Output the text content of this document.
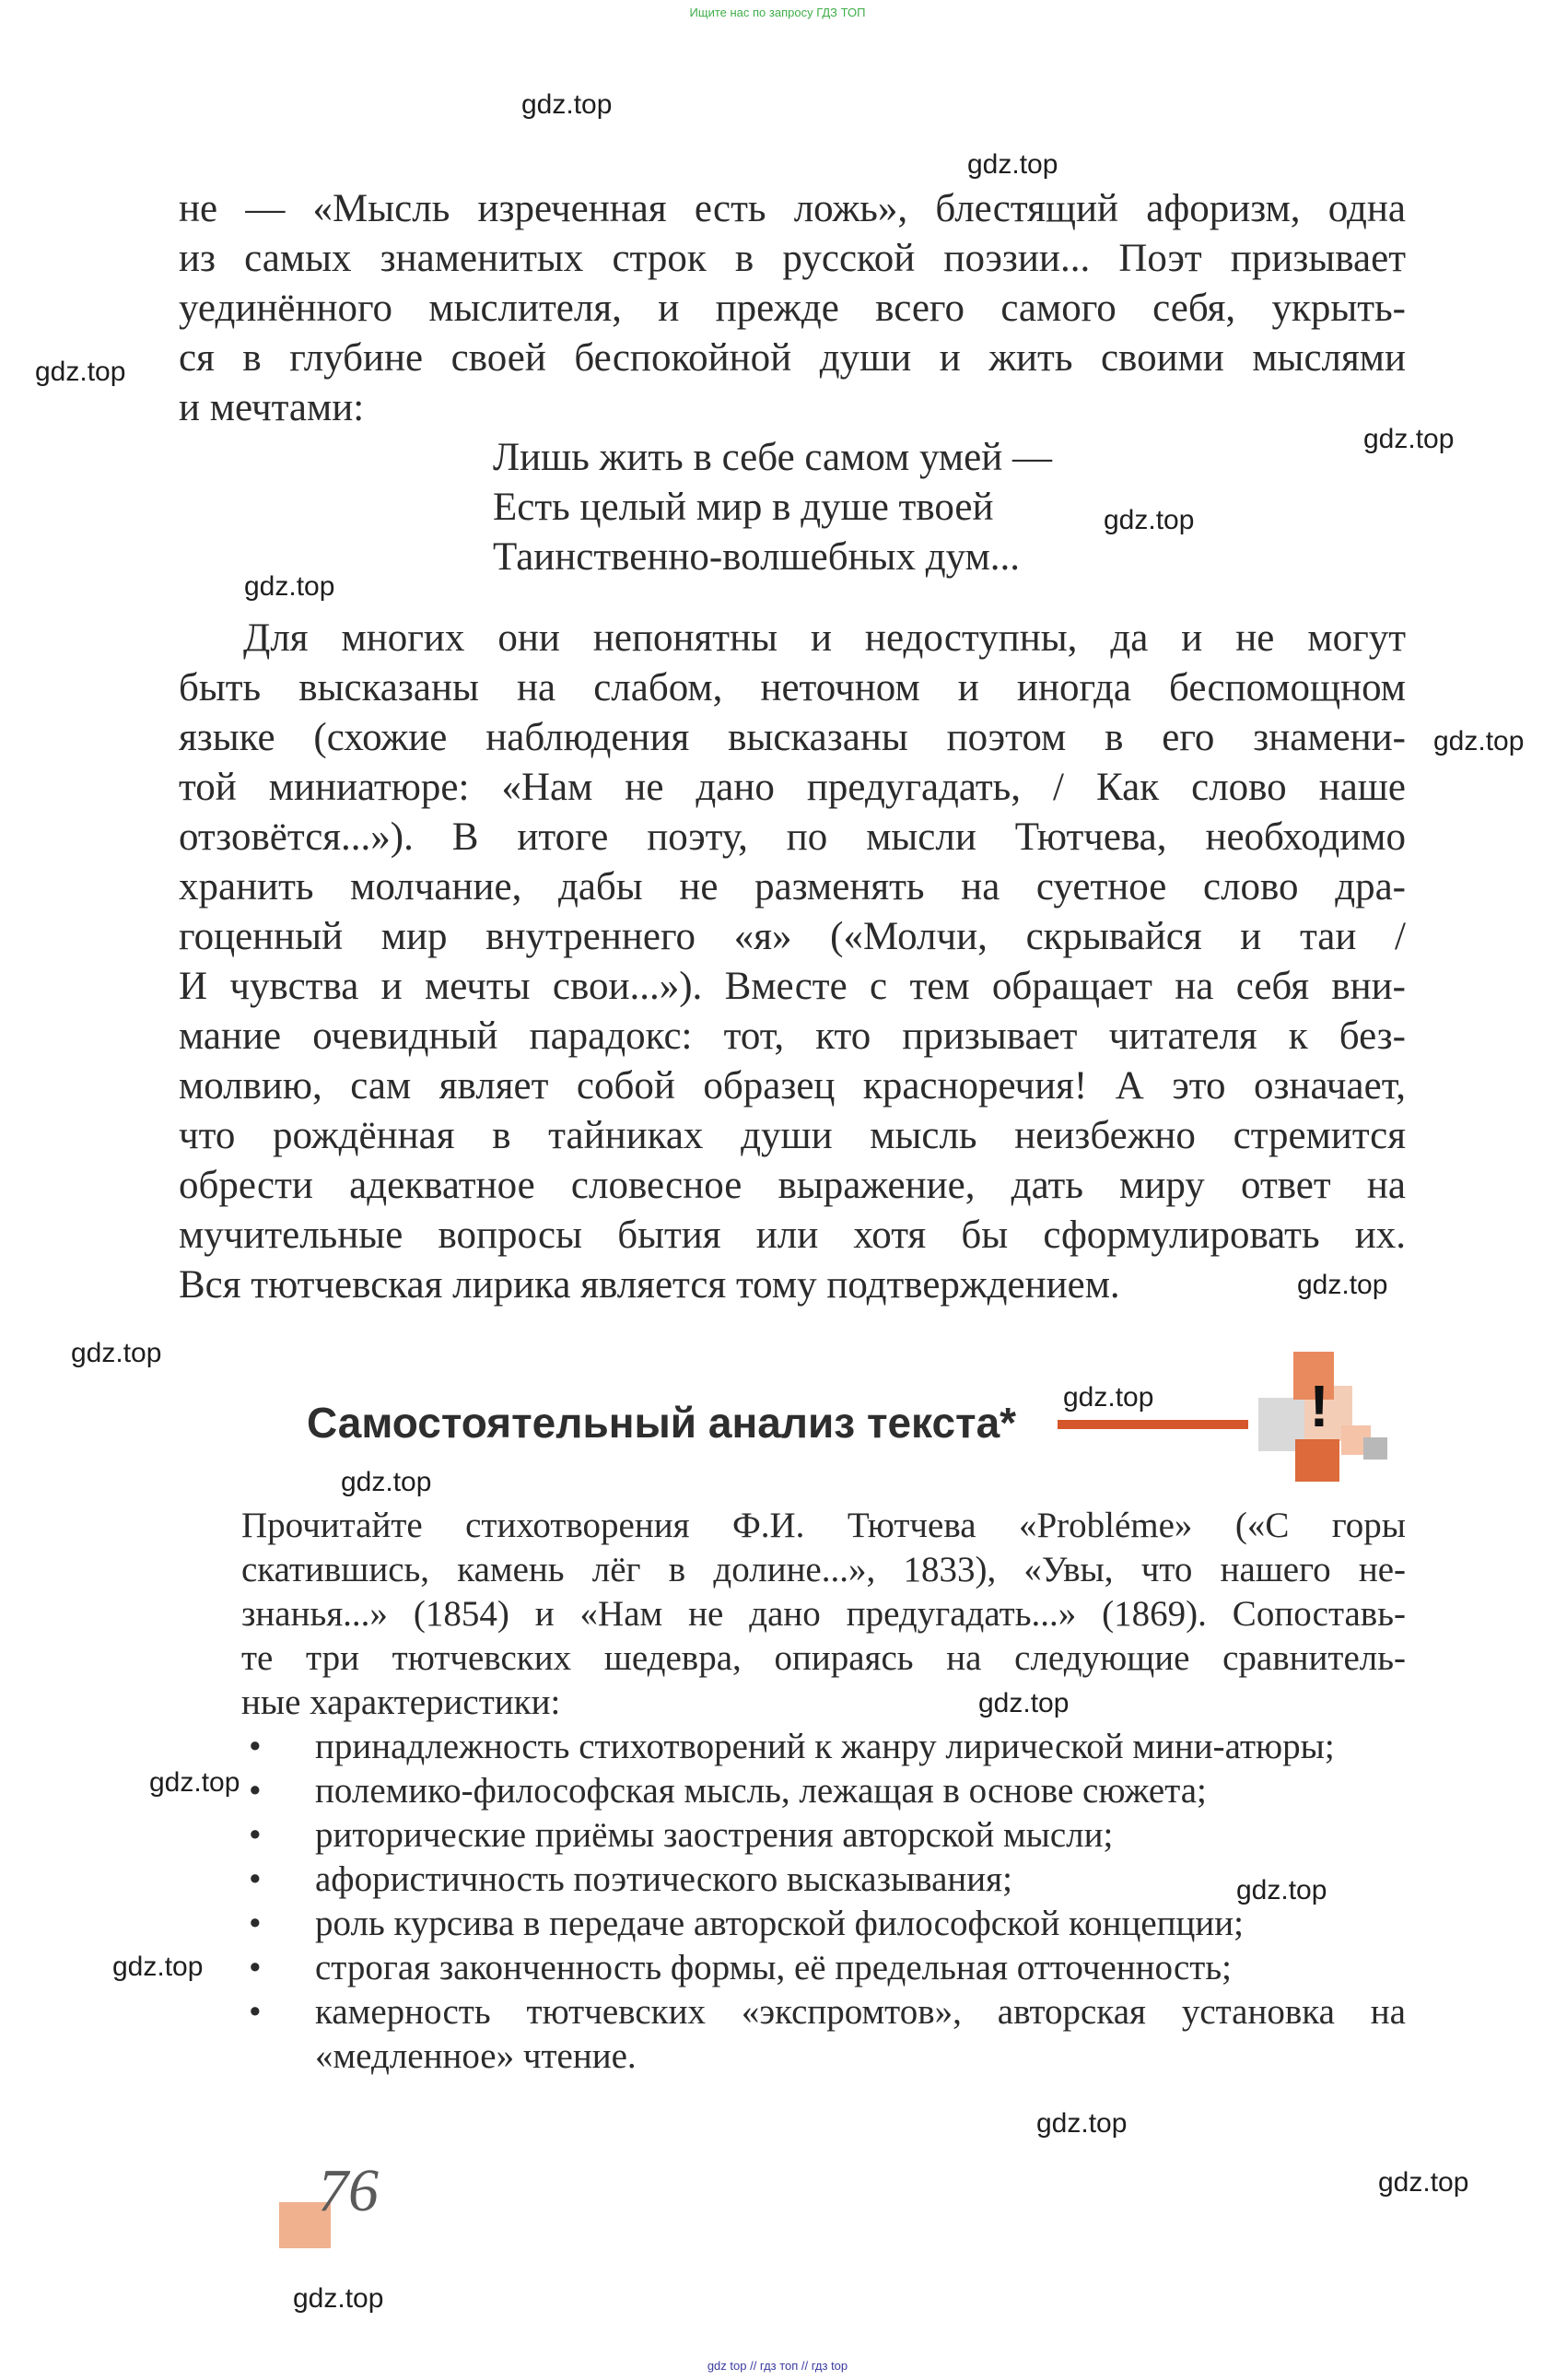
Ищите нас по запросу ГДЗ ТОП
не — «Мысль изреченная есть ложь», блестящий афоризм, одна
из самых знаменитых строк в русской поэзии... Поэт призывает
уединённого мыслителя, и прежде всего самого себя, укрыть-
ся в глубине своей беспокойной души и жить своими мыслями
и мечтами:
Лишь жить в себе самом умей —
Есть целый мир в душе твоей
Таинственно-волшебных дум...
Для многих они непонятны и недоступны, да и не могут
быть высказаны на слабом, неточном и иногда беспомощном
языке (схожие наблюдения высказаны поэтом в его знамени-
той миниатюре: «Нам не дано предугадать, / Как слово наше
отзовётся...»). В итоге поэту, по мысли Тютчева, необходимо
хранить молчание, дабы не разменять на суетное слово дра-
гоценный мир внутреннего «я» («Молчи, скрывайся и таи /
И чувства и мечты свои...»). Вместе с тем обращает на себя вни-
мание очевидный парадокс: тот, кто призывает читателя к без-
молвию, сам являет собой образец красноречия! А это означает,
что рождённая в тайниках души мысль неизбежно стремится
обрести адекватное словесное выражение, дать миру ответ на
мучительные вопросы бытия или хотя бы сформулировать их.
Вся тютчевская лирика является тому подтверждением.
Самостоятельный анализ текста*	!
Прочитайте стихотворения Ф.И. Тютчева «Probléme» («С горы
скатившись, камень лёг в долине...», 1833), «Увы, что нашего не-
знанья...» (1854) и «Нам не дано предугадать...» (1869). Сопоставь-
те три тютчевских шедевра, опираясь на следующие сравнитель-
ные характеристики:
• принадлежность стихотворений к жанру лирической мини-атюры;
• полемико-философская мысль, лежащая в основе сюжета;
• риторические приёмы заострения авторской мысли;
• афористичность поэтического высказывания;
• роль курсива в передаче авторской философской концепции;
• строгая законченность формы, её предельная отточенность;
• камерность тютчевских «экспромтов», авторская установка на «медленное» чтение.
76
gdz.top
gdz.top
gdz.top
gdz.top
gdz.top
gdz.top
gdz.top
gdz.top
gdz.top
gdz.top
gdz.top
gdz.top
gdz.top
gdz.top
gdz.top
gdz.top
gdz.top
gdz.top
gdz top // гдз топ // гдз top
